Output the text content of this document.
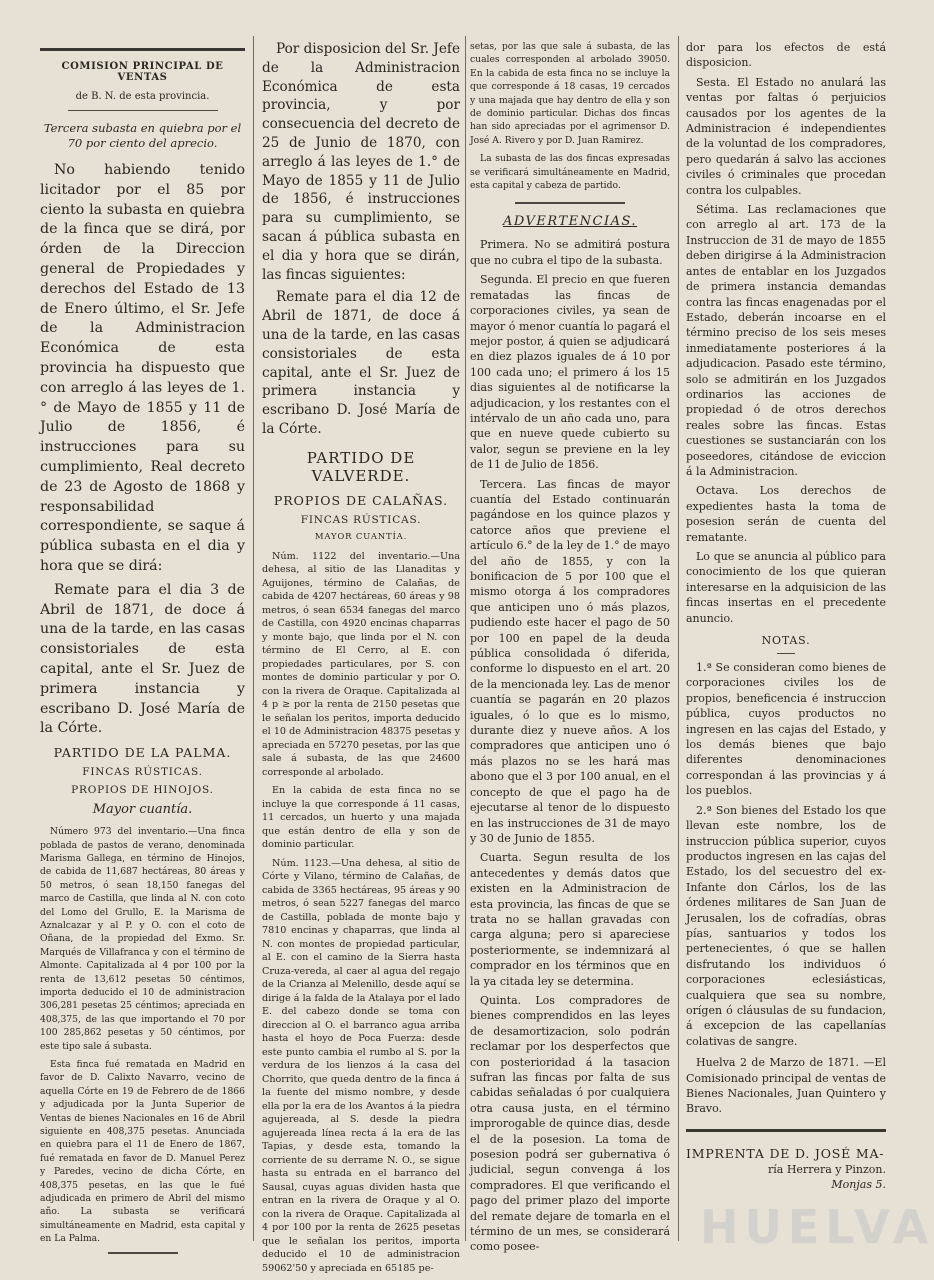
COMISION PRINCIPAL DE VENTAS

de B. N. de esta provincia.

Tercera subasta en quiebra por el 70 por ciento del aprecio.

No habiendo tenido licitador por el 85 por ciento la subasta en quiebra de la finca que se dirá, por órden de la Direccion general de Propiedades y derechos del Estado de 13 de Enero último, el Sr. Jefe de la Administracion Económica de esta provincia ha dispuesto que con arreglo á las leyes de 1.° de Mayo de 1855 y 11 de Julio de 1856, é instrucciones para su cumplimiento, Real decreto de 23 de Agosto de 1868 y responsabilidad correspondiente, se saque á pública subasta en el dia y hora que se dirá:

Remate para el dia 3 de Abril de 1871, de doce á una de la tarde, en las casas consistoriales de esta capital, ante el Sr. Juez de primera instancia y escribano D. José María de la Córte.

PARTIDO DE LA PALMA.

FINCAS RÚSTICAS.

PROPIOS DE HINOJOS.

Mayor cuantía.

Número 973 del inventario.—Una finca poblada de pastos de verano, denominada Marisma Gallega, en término de Hinojos, de cabida de 11,687 hectáreas, 80 áreas y 50 metros, ó sean 18,150 fanegas del marco de Castilla, que linda al N. con coto del Lomo del Grullo, E. la Marisma de Aznalcazar y al P. y O. con el coto de Oñana, de la propiedad del Exmo. Sr. Marqués de Villafranca y con el término de Almonte. Capitalizada al 4 por 100 por la renta de 13,612 pesetas 50 céntimos, importa deducido el 10 de administracion 306,281 pesetas 25 céntimos; apreciada en 408,375, de las que importando el 70 por 100 285,862 pesetas y 50 céntimos, por este tipo sale á subasta.

Esta finca fué rematada en Madrid en favor de D. Calixto Navarro, vecino de aquella Córte en 19 de Febrero de de 1866 y adjudicada por la Junta Superior de Ventas de bienes Nacionales en 16 de Abril siguiente en 408,375 pesetas. Anunciada en quiebra para el 11 de Enero de 1867, fué rematada en favor de D. Manuel Perez y Paredes, vecino de dicha Córte, en 408,375 pesetas, en las que le fué adjudicada en primero de Abril del mismo año. La subasta se verificará simultáneamente en Madrid, esta capital y en La Palma.

Por disposicion del Sr. Jefe de la Administracion Económica de esta provincia, y por consecuencia del decreto de 25 de Junio de 1870, con arreglo á las leyes de 1.° de Mayo de 1855 y 11 de Julio de 1856, é instrucciones para su cumplimiento, se sacan á pública subasta en el dia y hora que se dirán, las fincas siguientes:

Remate para el dia 12 de Abril de 1871, de doce á una de la tarde, en las casas consistoriales de esta capital, ante el Sr. Juez de primera instancia y escribano D. José María de la Córte.

PARTIDO DE VALVERDE.

PROPIOS DE CALAÑAS.

FINCAS RÚSTICAS.

MAYOR CUANTÍA.

Núm. 1122 del inventario.—Una dehesa, al sitio de las Llanaditas y Aguijones, término de Calañas, de cabida de 4207 hectáreas, 60 áreas y 98 metros, ó sean 6534 fanegas del marco de Castilla, con 4920 encinas chaparras y monte bajo, que linda por el N. con término de El Cerro, al E. con propiedades particulares, por S. con montes de dominio particular y por O. con la rivera de Oraque. Capitalizada al 4 p ≥ por la renta de 2150 pesetas que le señalan los peritos, importa deducido el 10 de Administracion 48375 pesetas y apreciada en 57270 pesetas, por las que sale á subasta, de las que 24600 corresponde al arbolado.

En la cabida de esta finca no se incluye la que corresponde á 11 casas, 11 cercados, un huerto y una majada que están dentro de ella y son de dominio particular.

Núm. 1123.—Una dehesa, al sitio de Córte y Vilano, término de Calañas, de cabida de 3365 hectáreas, 95 áreas y 90 metros, ó sean 5227 fanegas del marco de Castilla, poblada de monte bajo y 7810 encinas y chaparras, que linda al N. con montes de propiedad particular, al E. con el camino de la Sierra hasta Cruza-vereda, al caer al agua del regajo de la Crianza al Melenillo, desde aquí se dirige á la falda de la Atalaya por el lado E. del cabezo donde se toma con direccion al O. el barranco agua arriba hasta el hoyo de Poca Fuerza: desde este punto cambia el rumbo al S. por la verdura de los lienzos á la casa del Chorrito, que queda dentro de la finca á la fuente del mismo nombre, y desde ella por la era de los Avantos á la piedra agujereada, al S. desde la piedra agujereada línea recta á la era de las Tapias, y desde esta, tomando la corriente de su derrame N. O., se sigue hasta su entrada en el barranco del Sausal, cuyas aguas dividen hasta que entran en la rivera de Oraque y al O. con la rivera de Oraque. Capitalizada al 4 por 100 por la renta de 2625 pesetas que le señalan los peritos, importa deducido el 10 de administracion 59062'50 y apreciada en 65185 pe-

setas, por las que sale á subasta, de las cuales corresponden al arbolado 39050. En la cabida de esta finca no se incluye la que corresponde á 18 casas, 19 cercados y una majada que hay dentro de ella y son de dominio particular. Dichas dos fincas han sido apreciadas por el agrimensor D. José A. Rivero y por D. Juan Ramirez.

La subasta de las dos fincas expresadas se verificará simultáneamente en Madrid, esta capital y cabeza de partido.

ADVERTENCIAS.

Primera. No se admitirá postura que no cubra el tipo de la subasta.

Segunda. El precio en que fueren rematadas las fincas de corporaciones civiles, ya sean de mayor ó menor cuantía lo pagará el mejor postor, á quien se adjudicará en diez plazos iguales de á 10 por 100 cada uno; el primero á los 15 dias siguientes al de notificarse la adjudicacion, y los restantes con el intérvalo de un año cada uno, para que en nueve quede cubierto su valor, segun se previene en la ley de 11 de Julio de 1856.

Tercera. Las fincas de mayor cuantía del Estado continuarán pagándose en los quince plazos y catorce años que previene el artículo 6.° de la ley de 1.° de mayo del año de 1855, y con la bonificacion de 5 por 100 que el mismo otorga á los compradores que anticipen uno ó más plazos, pudiendo este hacer el pago de 50 por 100 en papel de la deuda pública consolidada ó diferida, conforme lo dispuesto en el art. 20 de la mencionada ley. Las de menor cuantía se pagarán en 20 plazos iguales, ó lo que es lo mismo, durante diez y nueve años. A los compradores que anticipen uno ó más plazos no se les hará mas abono que el 3 por 100 anual, en el concepto de que el pago ha de ejecutarse al tenor de lo dispuesto en las instrucciones de 31 de mayo y 30 de Junio de 1855.

Cuarta. Segun resulta de los antecedentes y demás datos que existen en la Administracion de esta provincia, las fincas de que se trata no se hallan gravadas con carga alguna; pero si apareciese posteriormente, se indemnizará al comprador en los términos que en la ya citada ley se determina.

Quinta. Los compradores de bienes comprendidos en las leyes de desamortizacion, solo podrán reclamar por los desperfectos que con posterioridad á la tasacion sufran las fincas por falta de sus cabidas señaladas ó por cualquiera otra causa justa, en el término improrogable de quince dias, desde el de la posesion. La toma de posesion podrá ser gubernativa ó judicial, segun convenga á los compradores. El que verificando el pago del primer plazo del importe del remate dejare de tomarla en el término de un mes, se considerará como posee-

dor para los efectos de está disposicion.

Sesta. El Estado no anulará las ventas por faltas ó perjuicios causados por los agentes de la Administracion é independientes de la voluntad de los compradores, pero quedarán á salvo las acciones civiles ó criminales que procedan contra los culpables.

Sétima. Las reclamaciones que con arreglo al art. 173 de la Instruccion de 31 de mayo de 1855 deben dirigirse á la Administracion antes de entablar en los Juzgados de primera instancia demandas contra las fincas enagenadas por el Estado, deberán incoarse en el término preciso de los seis meses inmediatamente posteriores á la adjudicacion. Pasado este término, solo se admitirán en los Juzgados ordinarios las acciones de propiedad ó de otros derechos reales sobre las fincas. Estas cuestiones se sustanciarán con los poseedores, citándose de eviccion á la Administracion.

Octava. Los derechos de expedientes hasta la toma de posesion serán de cuenta del rematante.

Lo que se anuncia al público para conocimiento de los que quieran interesarse en la adquisicion de las fincas insertas en el precedente anuncio.

NOTAS.

1.ª Se consideran como bienes de corporaciones civiles los de propios, beneficencia é instruccion pública, cuyos productos no ingresen en las cajas del Estado, y los demás bienes que bajo diferentes denominaciones correspondan á las provincias y á los pueblos.

2.ª Son bienes del Estado los que llevan este nombre, los de instruccion pública superior, cuyos productos ingresen en las cajas del Estado, los del secuestro del ex-Infante don Cárlos, los de las órdenes militares de San Juan de Jerusalen, los de cofradías, obras pías, santuarios y todos los pertenecientes, ó que se hallen disfrutando los individuos ó corporaciones eclesiásticas, cualquiera que sea su nombre, orígen ó cláusulas de su fundacion, á excepcion de las capellanías colativas de sangre.

Huelva 2 de Marzo de 1871. —El Comisionado principal de ventas de Bienes Nacionales, Juan Quintero y Bravo.

IMPRENTA DE D. JOSÉ MA-

ría Herrera y Pinzon.

Monjas 5.

HUELVA
